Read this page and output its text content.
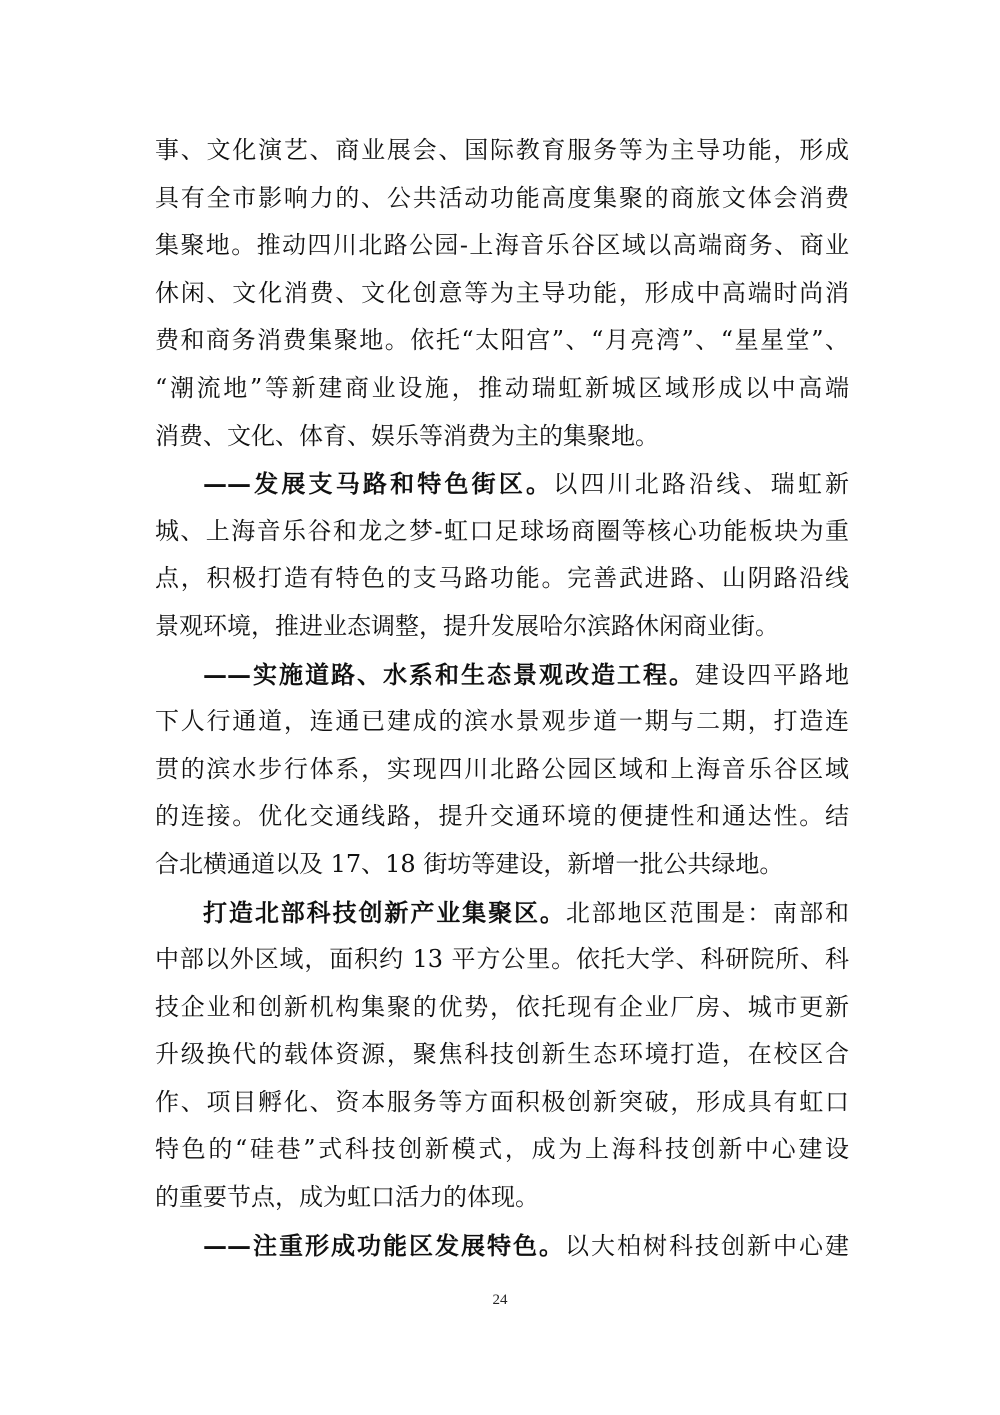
事、文化演艺、商业展会、国际教育服务等为主导功能，形成
具有全市影响力的、公共活动功能高度集聚的商旅文体会消费
集聚地。推动四川北路公园-上海音乐谷区域以高端商务、商业
休闲、文化消费、文化创意等为主导功能，形成中高端时尚消
费和商务消费集聚地。依托“太阳宫”、“月亮湾”、“星星堂”、
“潮流地”等新建商业设施，推动瑞虹新城区域形成以中高端
消费、文化、体育、娱乐等消费为主的集聚地。
——发展支马路和特色街区。以四川北路沿线、瑞虹新
城、上海音乐谷和龙之梦-虹口足球场商圈等核心功能板块为重
点，积极打造有特色的支马路功能。完善武进路、山阴路沿线
景观环境，推进业态调整，提升发展哈尔滨路休闲商业街。
——实施道路、水系和生态景观改造工程。建设四平路地
下人行通道，连通已建成的滨水景观步道一期与二期，打造连
贯的滨水步行体系，实现四川北路公园区域和上海音乐谷区域
的连接。优化交通线路，提升交通环境的便捷性和通达性。结
合北横通道以及 17、18 街坊等建设，新增一批公共绿地。
打造北部科技创新产业集聚区。北部地区范围是：南部和
中部以外区域，面积约 13 平方公里。依托大学、科研院所、科
技企业和创新机构集聚的优势，依托现有企业厂房、城市更新
升级换代的载体资源，聚焦科技创新生态环境打造，在校区合
作、项目孵化、资本服务等方面积极创新突破，形成具有虹口
特色的“硅巷”式科技创新模式，成为上海科技创新中心建设
的重要节点，成为虹口活力的体现。
——注重形成功能区发展特色。以大柏树科技创新中心建
24
